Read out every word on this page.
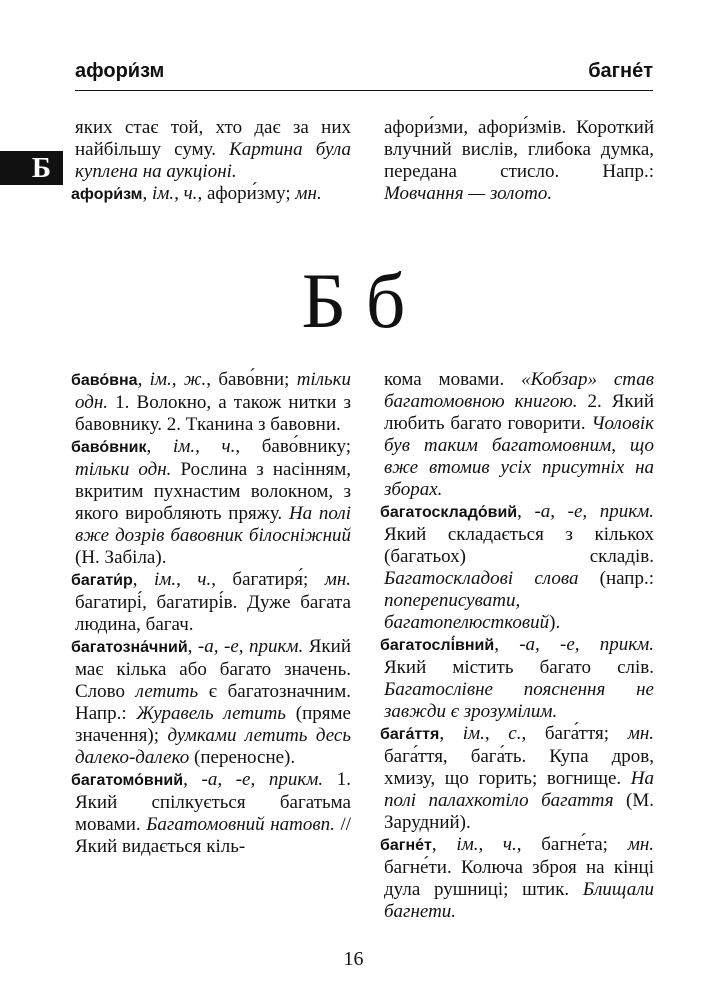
афори́зм	багне́т
Б

яких стає той, хто дає за них найбільшу суму. Картина була куплена на аукціоні.

афори́зм, ім., ч., афори́зму; мн.

афори́зми, афори́змів. Короткий влучний вислів, глибока думка, передана стисло. Напр.: Мовчання — золото.

Б б

баво́вна, ім., ж., баво́вни; тільки одн. 1. Волокно, а також нитки з бавовнику. 2. Тканина з бавовни.

баво́вник, ім., ч., баво́внику; тільки одн. Рослина з насінням, вкритим пухнастим волокном, з якого виробляють пряжу. На полі вже дозрів бавовник білосніжний (Н. Забіла).

багати́р, ім., ч., багатиря́; мн. багатирі́, багатирі́в. Дуже багата людина, багач.

багатозна́чний, -а, -е, прикм. Який має кілька або багато значень. Слово летить є багатозначним. Напр.: Журавель летить (пряме значення); думками летить десь далеко-далеко (переносне).

багатомо́вний, -а, -е, прикм. 1. Який спілкується багатьма мовами. Багатомовний натовп. // Який видається кіль-

кома мовами. «Кобзар» став багатомовною книгою. 2. Який любить багато говорити. Чоловік був таким багатомовним, що вже втомив усіх присутніх на зборах.

багатоскладо́вий, -а, -е, прикм. Який складається з кількох (багатьох) складів. Багатоскладові слова (напр.: попереписувати, багатопелюстковий).

багатослі́вний, -а, -е, прикм. Який містить багато слів. Багатослівне пояснення не завжди є зрозумілим.

бага́ття, ім., с., бага́ття; мн. бага́ття, бага́ть. Купа дров, хмизу, що горить; вогнище. На полі палахкотіло багаття (М. Зарудний).

багне́т, ім., ч., багне́та; мн. багне́ти. Колюча зброя на кінці дула рушниці; штик. Блищали багнети.

16
